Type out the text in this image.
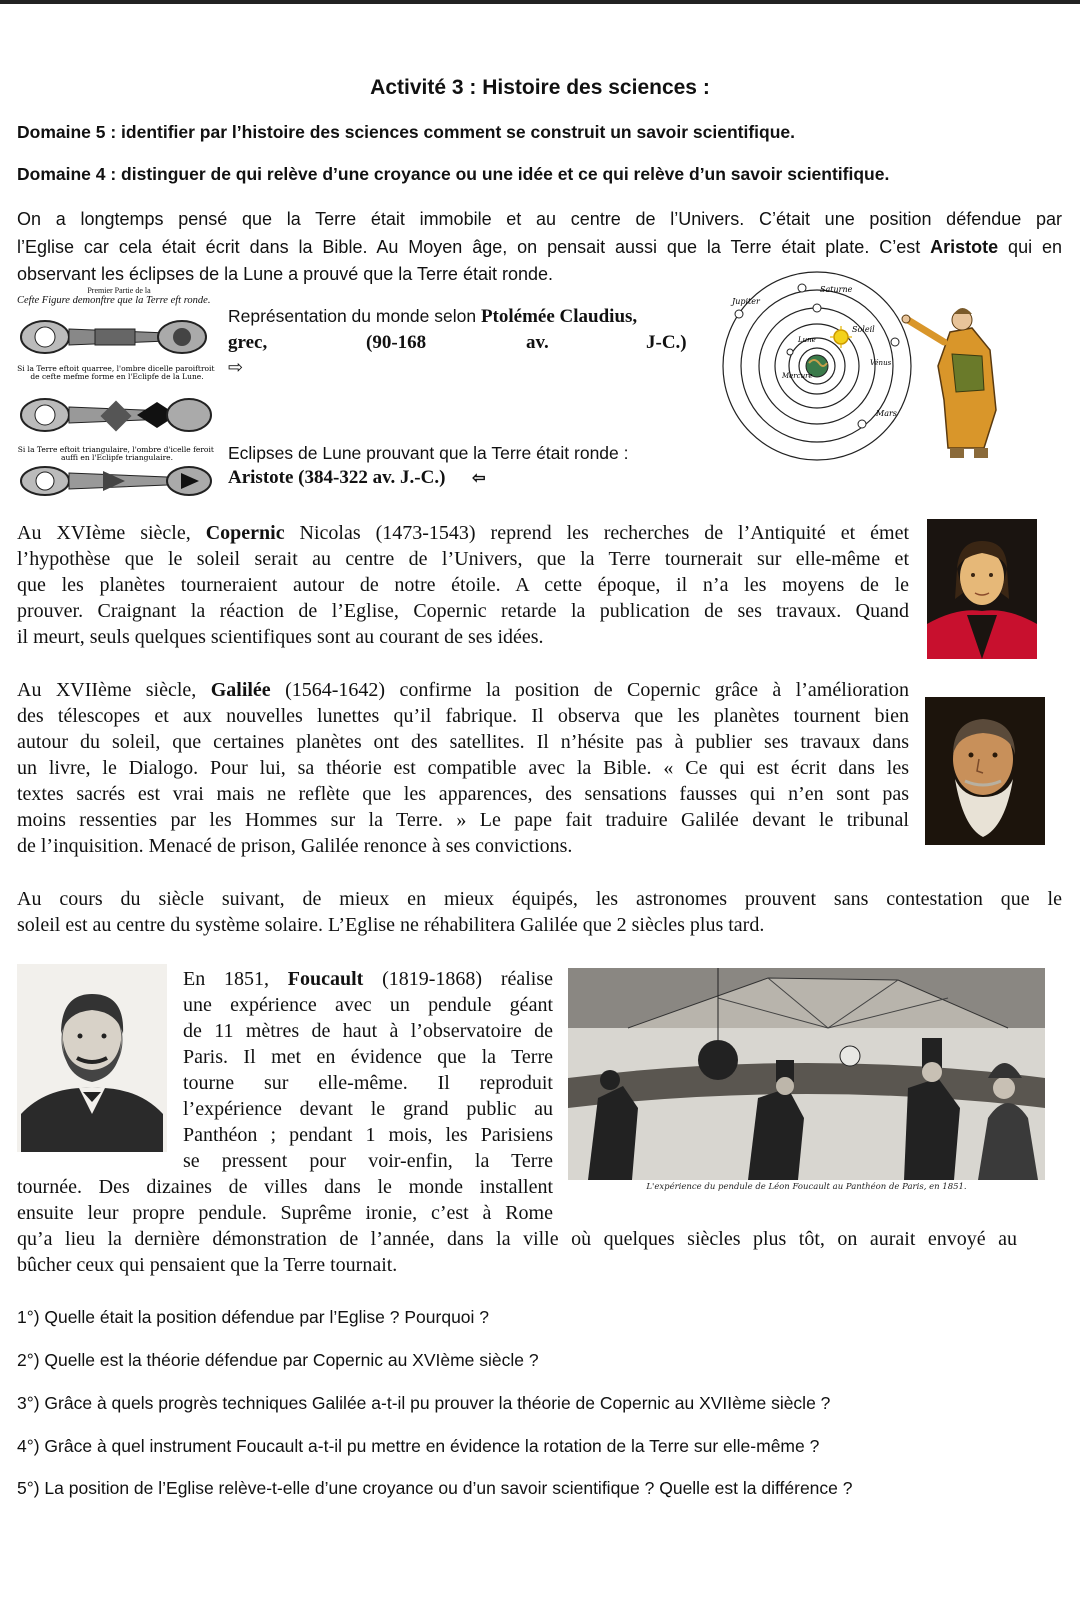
Activité 3 : Histoire des sciences :
Domaine 5 : identifier par l’histoire des sciences comment se construit un savoir scientifique.
Domaine 4 : distinguer de qui relève d’une croyance ou une idée et ce qui relève d’un savoir scientifique.
On a longtemps pensé que la Terre était immobile et au centre de l’Univers. C’était une position défendue par
l’Eglise car cela était écrit dans la Bible. Au Moyen âge, on pensait aussi que la Terre était plate. C’est Aristote qui en
observant les éclipses de la Lune a prouvé que la Terre était ronde.
Premier Partie de la
Cefte Figure demonftre que la Terre eft ronde.
Si la Terre eftoit quarree, l'ombre dicelle paroiftroit de cefte mefme forme en l'Eclipfe de la Lune.
Si la Terre eftoit triangulaire, l'ombre d'icelle feroit auffi en l'Eclipfe triangulaire.
Représentation du monde selon Ptolémée Claudius,
grec,	(90-168	av.	J-C.)
⇨
Eclipses de Lune prouvant que la Terre était ronde :
Aristote (384-322 av. J.-C.) ⇦
Saturne
Jupiter
Mars
Soleil
Vénus
Mercure
Lune
Au XVIème siècle, Copernic Nicolas (1473-1543) reprend les recherches de l’Antiquité et émet
l’hypothèse que le soleil serait au centre de l’Univers, que la Terre tournerait sur elle-même et
que les planètes tourneraient autour de notre étoile. A cette époque, il n’a les moyens de le
prouver. Craignant la réaction de l’Eglise, Copernic retarde la publication de ses travaux. Quand
il meurt, seuls quelques scientifiques sont au courant de ses idées.
Au XVIIème siècle, Galilée (1564-1642) confirme la position de Copernic grâce à l’amélioration
des télescopes et aux nouvelles lunettes qu’il fabrique. Il observa que les planètes tournent bien
autour du soleil, que certaines planètes ont des satellites. Il n’hésite pas à publier ses travaux dans
un livre, le Dialogo. Pour lui, sa théorie est compatible avec la Bible. « Ce qui est écrit dans les
textes sacrés est vrai mais ne reflète que les apparences, des sensations fausses qui n’en sont pas
moins ressenties par les Hommes sur la Terre. » Le pape fait traduire Galilée devant le tribunal
de l’inquisition. Menacé de prison, Galilée renonce à ses convictions.
Au cours du siècle suivant, de mieux en mieux équipés, les astronomes prouvent sans contestation que le
soleil est au centre du système solaire. L’Eglise ne réhabilitera Galilée que 2 siècles plus tard.
En 1851, Foucault (1819-1868) réalise
une expérience avec un pendule géant
de 11 mètres de haut à l’observatoire de
Paris. Il met en évidence que la Terre
tourne sur elle-même. Il reproduit
l’expérience devant le grand public au
Panthéon ; pendant 1 mois, les Parisiens
se pressent pour voir-enfin, la Terre
tournée. Des dizaines de villes dans le monde installent
ensuite leur propre pendule. Suprême ironie, c’est à Rome
qu’a lieu la dernière démonstration de l’année, dans la ville où quelques siècles plus tôt, on aurait envoyé au
bûcher ceux qui pensaient que la Terre tournait.
L'expérience du pendule de Léon Foucault au Panthéon de Paris, en 1851.
1°) Quelle était la position défendue par l’Eglise ? Pourquoi ?
2°) Quelle est la théorie défendue par Copernic au XVIème siècle ?
3°) Grâce à quels progrès techniques Galilée a-t-il pu prouver la théorie de Copernic au XVIIème siècle ?
4°) Grâce à quel instrument Foucault a-t-il pu mettre en évidence la rotation de la Terre sur elle-même ?
5°) La position de l’Eglise relève-t-elle d’une croyance ou d’un savoir scientifique ? Quelle est la différence ?
